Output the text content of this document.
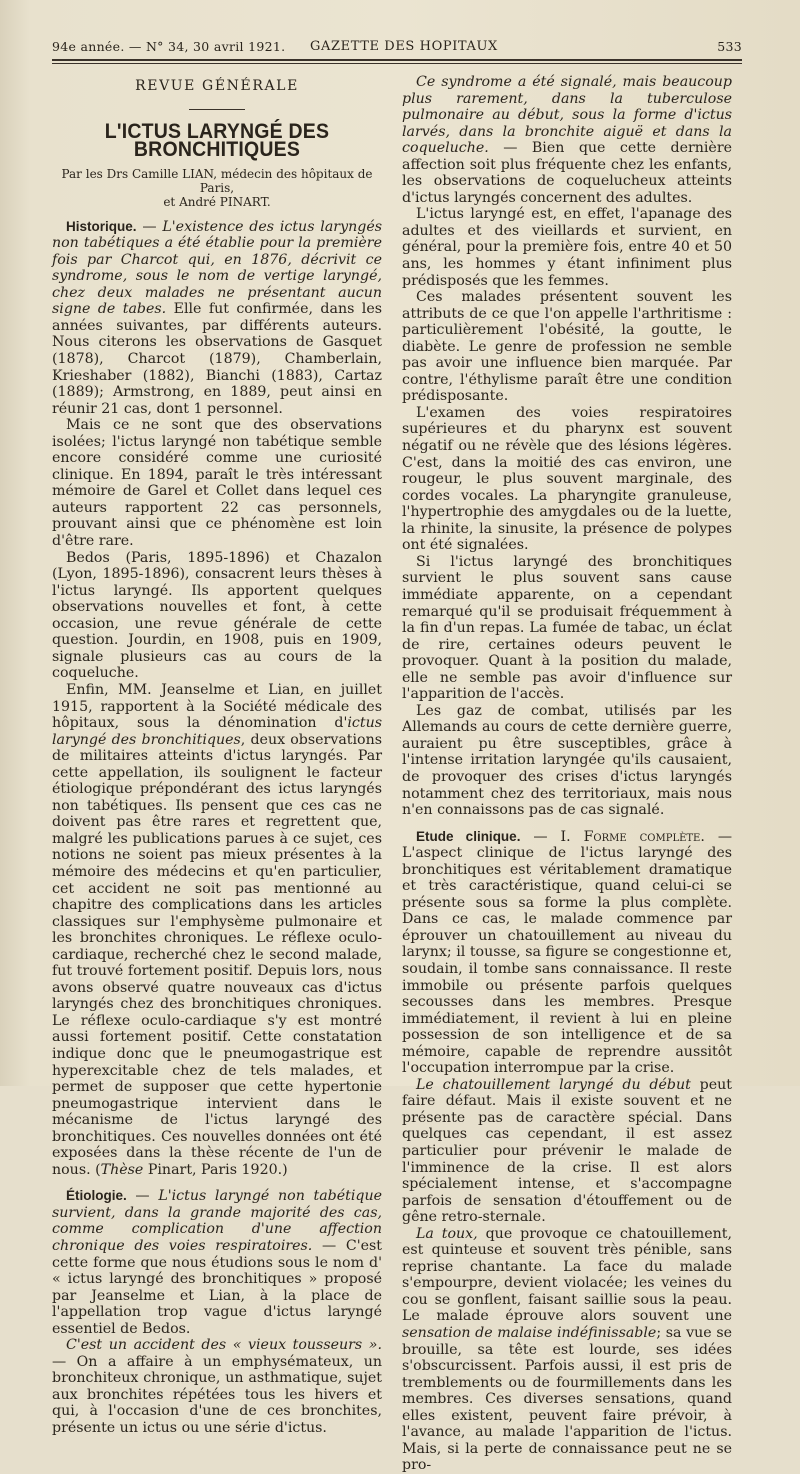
94e année. — N° 34, 30 avril 1921. GAZETTE DES HOPITAUX	533
REVUE GÉNÉRALE
L'ICTUS LARYNGÉ DES BRONCHITIQUES
Par les Drs Camille LIAN, médecin des hôpitaux de Paris,
et André PINART.

Historique. — L'existence des ictus laryngés non tabétiques a été établie pour la première fois par Charcot qui, en 1876, décrivit ce syndrome, sous le nom de vertige laryngé, chez deux malades ne présentant aucun signe de tabes. Elle fut confirmée, dans les années suivantes, par différents auteurs. Nous citerons les observations de Gasquet (1878), Charcot (1879), Chamberlain, Krieshaber (1882), Bianchi (1883), Cartaz (1889); Armstrong, en 1889, peut ainsi en réunir 21 cas, dont 1 personnel.

Mais ce ne sont que des observations isolées; l'ictus laryngé non tabétique semble encore considéré comme une curiosité clinique. En 1894, paraît le très intéressant mémoire de Garel et Collet dans lequel ces auteurs rapportent 22 cas personnels, prouvant ainsi que ce phénomène est loin d'être rare.

Bedos (Paris, 1895-1896) et Chazalon (Lyon, 1895-1896), consacrent leurs thèses à l'ictus laryngé. Ils apportent quelques observations nouvelles et font, à cette occasion, une revue générale de cette question. Jourdin, en 1908, puis en 1909, signale plusieurs cas au cours de la coqueluche.

Enfin, MM. Jeanselme et Lian, en juillet 1915, rapportent à la Société médicale des hôpitaux, sous la dénomination d'ictus laryngé des bronchitiques, deux observations de militaires atteints d'ictus laryngés. Par cette appellation, ils soulignent le facteur étiologique prépondérant des ictus laryngés non tabétiques. Ils pensent que ces cas ne doivent pas être rares et regrettent que, malgré les publications parues à ce sujet, ces notions ne soient pas mieux présentes à la mémoire des médecins et qu'en particulier, cet accident ne soit pas mentionné au chapitre des complications dans les articles classiques sur l'emphysème pulmonaire et les bronchites chroniques. Le réflexe oculo-cardiaque, recherché chez le second malade, fut trouvé fortement positif. Depuis lors, nous avons observé quatre nouveaux cas d'ictus laryngés chez des bronchitiques chroniques. Le réflexe oculo-cardiaque s'y est montré aussi fortement positif. Cette constatation indique donc que le pneumogastrique est hyperexcitable chez de tels malades, et permet de supposer que cette hypertonie pneumogastrique intervient dans le mécanisme de l'ictus laryngé des bronchitiques. Ces nouvelles données ont été exposées dans la thèse récente de l'un de nous. (Thèse Pinart, Paris 1920.)

Étiologie. — L'ictus laryngé non tabétique survient, dans la grande majorité des cas, comme complication d'une affection chronique des voies respiratoires. — C'est cette forme que nous étudions sous le nom d' « ictus laryngé des bronchitiques » proposé par Jeanselme et Lian, à la place de l'appellation trop vague d'ictus laryngé essentiel de Bedos.

C'est un accident des « vieux tousseurs ». — On a affaire à un emphysémateux, un bronchiteux chronique, un asthmatique, sujet aux bronchites répétées tous les hivers et qui, à l'occasion d'une de ces bronchites, présente un ictus ou une série d'ictus.

Ce syndrome a été signalé, mais beaucoup plus rarement, dans la tuberculose pulmonaire au début, sous la forme d'ictus larvés, dans la bronchite aiguë et dans la coqueluche. — Bien que cette dernière affection soit plus fréquente chez les enfants, les observations de coquelucheux atteints d'ictus laryngés concernent des adultes.

L'ictus laryngé est, en effet, l'apanage des adultes et des vieillards et survient, en général, pour la première fois, entre 40 et 50 ans, les hommes y étant infiniment plus prédisposés que les femmes.

Ces malades présentent souvent les attributs de ce que l'on appelle l'arthritisme : particulièrement l'obésité, la goutte, le diabète. Le genre de profession ne semble pas avoir une influence bien marquée. Par contre, l'éthylisme paraît être une condition prédisposante.

L'examen des voies respiratoires supérieures et du pharynx est souvent négatif ou ne révèle que des lésions légères. C'est, dans la moitié des cas environ, une rougeur, le plus souvent marginale, des cordes vocales. La pharyngite granuleuse, l'hypertrophie des amygdales ou de la luette, la rhinite, la sinusite, la présence de polypes ont été signalées.

Si l'ictus laryngé des bronchitiques survient le plus souvent sans cause immédiate apparente, on a cependant remarqué qu'il se produisait fréquemment à la fin d'un repas. La fumée de tabac, un éclat de rire, certaines odeurs peuvent le provoquer. Quant à la position du malade, elle ne semble pas avoir d'influence sur l'apparition de l'accès.

Les gaz de combat, utilisés par les Allemands au cours de cette dernière guerre, auraient pu être susceptibles, grâce à l'intense irritation laryngée qu'ils causaient, de provoquer des crises d'ictus laryngés notamment chez des territoriaux, mais nous n'en connaissons pas de cas signalé.

Etude clinique. — I. Forme complète. — L'aspect clinique de l'ictus laryngé des bronchitiques est véritablement dramatique et très caractéristique, quand celui-ci se présente sous sa forme la plus complète. Dans ce cas, le malade commence par éprouver un chatouillement au niveau du larynx; il tousse, sa figure se congestionne et, soudain, il tombe sans connaissance. Il reste immobile ou présente parfois quelques secousses dans les membres. Presque immédiatement, il revient à lui en pleine possession de son intelligence et de sa mémoire, capable de reprendre aussitôt l'occupation interrompue par la crise.

Le chatouillement laryngé du début peut faire défaut. Mais il existe souvent et ne présente pas de caractère spécial. Dans quelques cas cependant, il est assez particulier pour prévenir le malade de l'imminence de la crise. Il est alors spécialement intense, et s'accompagne parfois de sensation d'étouffement ou de gêne retro-sternale.

La toux, que provoque ce chatouillement, est quinteuse et souvent très pénible, sans reprise chantante. La face du malade s'empourpre, devient violacée; les veines du cou se gonflent, faisant saillie sous la peau. Le malade éprouve alors souvent une sensation de malaise indéfinissable; sa vue se brouille, sa tête est lourde, ses idées s'obscurcissent. Parfois aussi, il est pris de tremblements ou de fourmillements dans les membres. Ces diverses sensations, quand elles existent, peuvent faire prévoir, à l'avance, au malade l'apparition de l'ictus. Mais, si la perte de connaissance peut ne se pro-
